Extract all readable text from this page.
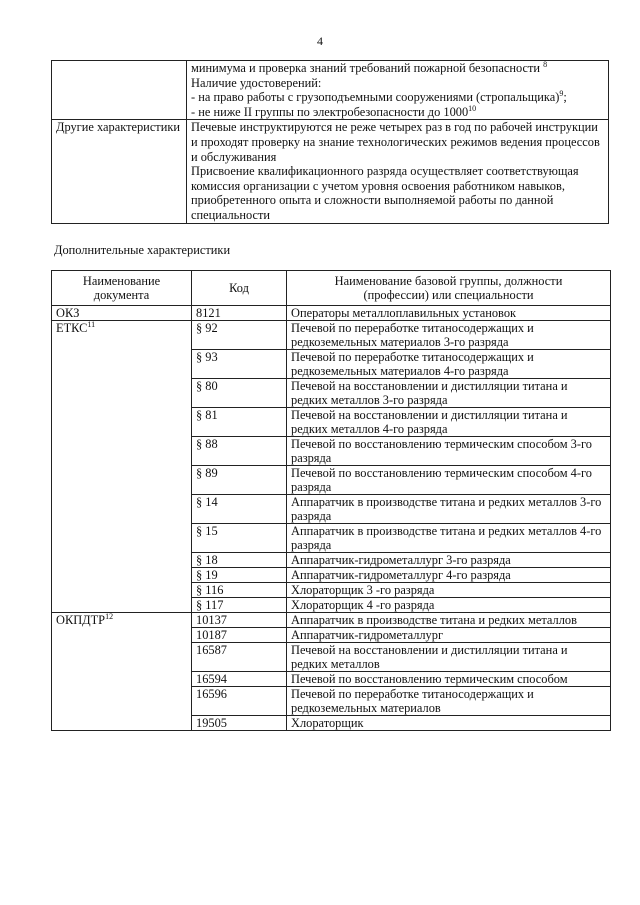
4

	минимума и проверка знаний требований пожарной безопасности $^8$

Наличие удостоверений:

- на право работы с грузоподъемными сооружениями (стропальщика)$^9$;

- не ниже II группы по электробезопасности до 1000$^{10}$

Другие характеристики	Печевые инструктируются не реже четырех раз в год по рабочей инструкции и проходят проверку на знание технологических режимов ведения процессов и обслуживания

Присвоение квалификационного разряда осуществляет соответствующая комиссия организации с учетом уровня освоения работником навыков, приобретенного опыта и сложности выполняемой работы по данной специальности

Дополнительные характеристики
Наименование документа	Код	Наименование базовой группы, должности (профессии) или специальности
ОКЗ	8121	Операторы металлоплавильных установок
ЕТКС$^{11}$	§ 92	Печевой по переработке титаносодержащих и редкоземельных материалов 3-го разряда
	§ 93	Печевой по переработке титаносодержащих и редкоземельных материалов 4-го разряда
	§ 80	Печевой на восстановлении и дистилляции титана и редких металлов 3-го разряда
	§ 81	Печевой на восстановлении и дистилляции титана и редких металлов 4-го разряда
	§ 88	Печевой по восстановлению термическим способом 3-го разряда
	§ 89	Печевой по восстановлению термическим способом 4-го разряда
	§ 14	Аппаратчик в производстве титана и редких металлов 3-го разряда
	§ 15	Аппаратчик в производстве титана и редких металлов 4-го разряда
	§ 18	Аппаратчик-гидрометаллург 3-го разряда
	§ 19	Аппаратчик-гидрометаллург 4-го разряда
	§ 116	Хлораторщик 3 -го разряда
	§ 117	Хлораторщик 4 -го разряда
ОКПДТР$^{12}$	10137	Аппаратчик в производстве титана и редких металлов
	10187	Аппаратчик-гидрометаллург
	16587	Печевой на восстановлении и дистилляции титана и редких металлов
	16594	Печевой по восстановлению термическим способом
	16596	Печевой по переработке титаносодержащих и редкоземельных материалов
	19505	Хлораторщик
